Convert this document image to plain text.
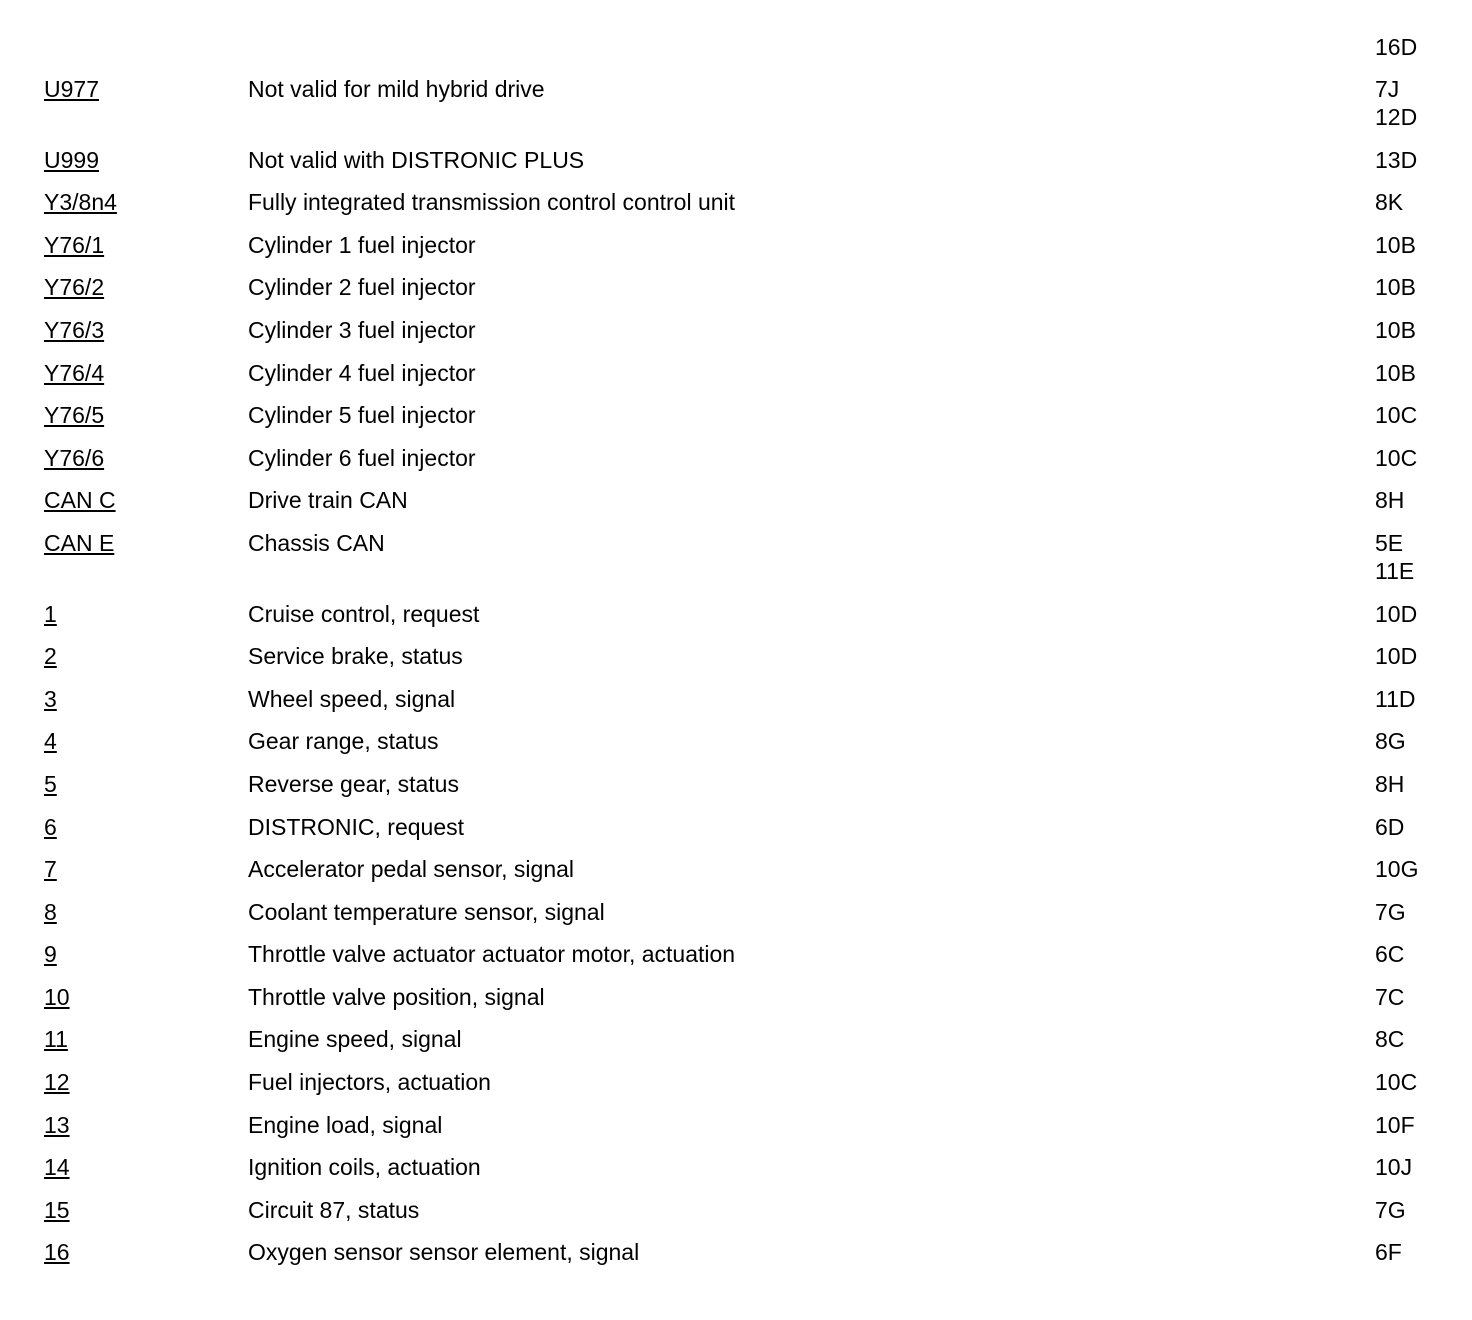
16D
U977	Not valid for mild hybrid drive	7J
12D
U999	Not valid with DISTRONIC PLUS	13D
Y3/8n4	Fully integrated transmission control control unit	8K
Y76/1	Cylinder 1 fuel injector	10B
Y76/2	Cylinder 2 fuel injector	10B
Y76/3	Cylinder 3 fuel injector	10B
Y76/4	Cylinder 4 fuel injector	10B
Y76/5	Cylinder 5 fuel injector	10C
Y76/6	Cylinder 6 fuel injector	10C
CAN C	Drive train CAN	8H
CAN E	Chassis CAN	5E
11E
1	Cruise control, request	10D
2	Service brake, status	10D
3	Wheel speed, signal	11D
4	Gear range, status	8G
5	Reverse gear, status	8H
6	DISTRONIC, request	6D
7	Accelerator pedal sensor, signal	10G
8	Coolant temperature sensor, signal	7G
9	Throttle valve actuator actuator motor, actuation	6C
10	Throttle valve position, signal	7C
11	Engine speed, signal	8C
12	Fuel injectors, actuation	10C
13	Engine load, signal	10F
14	Ignition coils, actuation	10J
15	Circuit 87, status	7G
16	Oxygen sensor sensor element, signal	6F
